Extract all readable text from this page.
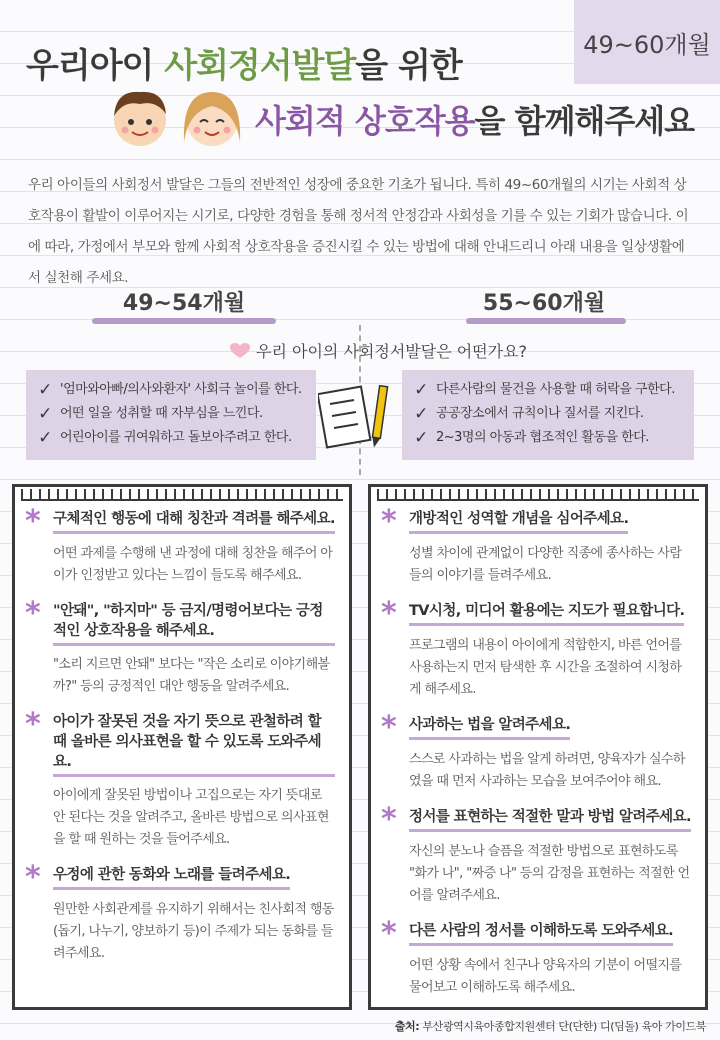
49~60개월
우리아이 사회정서발달을 위한
사회적 상호작용을 함께해주세요

우리 아이들의 사회정서 발달은 그들의 전반적인 성장에 중요한 기초가 됩니다. 특히 49~60개월의 시기는 사회적 상호작용이 활발이 이루어지는 시기로, 다양한 경험을 통해 정서적 안정감과 사회성을 기를 수 있는 기회가 많습니다. 이에 따라, 가정에서 부모와 함께 사회적 상호작용을 증진시킬 수 있는 방법에 대해 안내드리니 아래 내용을 일상생활에서 실천해 주세요.

49~54개월	55~60개월
우리 아이의 사회정서발달은 어떤가요?
✓ '엄마와아빠/의사와환자' 사회극 놀이를 한다.
✓ 어떤 일을 성취할 때 자부심을 느낀다.
✓ 어린아이를 귀여워하고 돌보아주려고 한다.
✓ 다른사람의 물건을 사용할 때 허락을 구한다.
✓ 공공장소에서 규칙이나 질서를 지킨다.
✓ 2~3명의 아동과 협조적인 활동을 한다.
* 구체적인 행동에 대해 칭찬과 격려를 해주세요.

어떤 과제를 수행해 낸 과정에 대해 칭찬을 해주어 아이가 인정받고 있다는 느낌이 들도록 해주세요.

* "안돼", "하지마" 등 금지/명령어보다는 긍정적인 상호작용을 해주세요.

"소리 지르면 안돼" 보다는 "작은 소리로 이야기해볼까?" 등의 긍정적인 대안 행동을 알려주세요.

* 아이가 잘못된 것을 자기 뜻으로 관철하려 할 때 올바른 의사표현을 할 수 있도록 도와주세요.

아이에게 잘못된 방법이나 고집으로는 자기 뜻대로 안 된다는 것을 알려주고, 올바른 방법으로 의사표현을 할 때 원하는 것을 들어주세요.

* 우정에 관한 동화와 노래를 들려주세요.

원만한 사회관계를 유지하기 위해서는 친사회적 행동(돕기, 나누기, 양보하기 등)이 주제가 되는 동화를 들려주세요.

* 개방적인 성역할 개념을 심어주세요.

성별 차이에 관계없이 다양한 직종에 종사하는 사람들의 이야기를 들려주세요.

* TV시청, 미디어 활용에는 지도가 필요합니다.

프로그램의 내용이 아이에게 적합한지, 바른 언어를 사용하는지 먼저 탐색한 후 시간을 조절하여 시청하게 해주세요.

* 사과하는 법을 알려주세요.

스스로 사과하는 법을 알게 하려면, 양육자가 실수하였을 때 먼저 사과하는 모습을 보여주어야 해요.

* 정서를 표현하는 적절한 말과 방법 알려주세요.

자신의 분노나 슬픔을 적절한 방법으로 표현하도록 "화가 나", "짜증 나" 등의 감정을 표현하는 적절한 언어를 알려주세요.

* 다른 사람의 정서를 이해하도록 도와주세요.

어떤 상황 속에서 친구나 양육자의 기분이 어떨지를 물어보고 이해하도록 해주세요.

출처: 부산광역시육아종합지원센터 단(단한) 디(딤돌) 육아 가이드북
